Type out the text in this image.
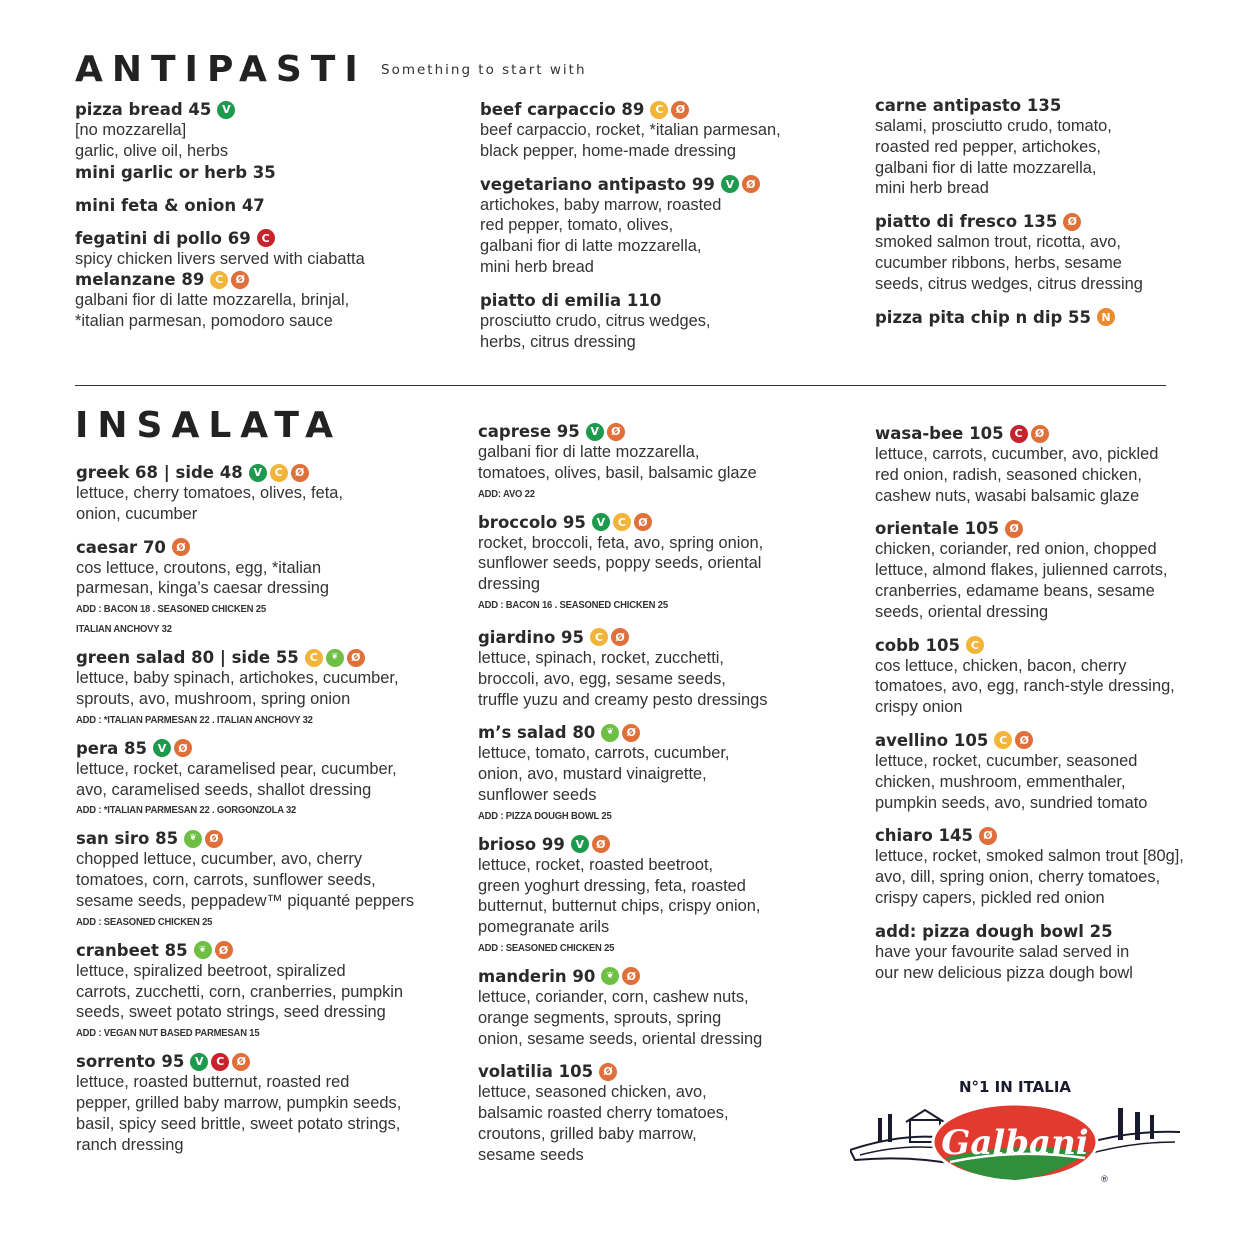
ANTIPASTI Something to start with
pizza bread 45 V
[no mozzarella]
garlic, olive oil, herbs
mini garlic or herb 35
mini feta & onion 47
fegatini di pollo 69 C
spicy chicken livers served with ciabatta
melanzane 89 C	Ø
galbani fior di latte mozzarella, brinjal,
*italian parmesan, pomodoro sauce
beef carpaccio 89 C	Ø
beef carpaccio, rocket, *italian parmesan,
black pepper, home-made dressing
vegetariano antipasto 99 V	Ø
artichokes, baby marrow, roasted
red pepper, tomato, olives,
galbani fior di latte mozzarella,
mini herb bread
piatto di emilia 110
prosciutto crudo, citrus wedges,
herbs, citrus dressing
carne antipasto 135
salami, prosciutto crudo, tomato,
roasted red pepper, artichokes,
galbani fior di latte mozzarella,
mini herb bread
piatto di fresco 135 Ø
smoked salmon trout, ricotta, avo,
cucumber ribbons, herbs, sesame
seeds, citrus wedges, citrus dressing
pizza pita chip n dip 55 N
INSALATA
greek 68 | side 48 V	C	Ø
lettuce, cherry tomatoes, olives, feta,
onion, cucumber
caesar 70 Ø
cos lettuce, croutons, egg, *italian
parmesan, kinga’s caesar dressing
ADD : BACON 18 . SEASONED CHICKEN 25
ITALIAN ANCHOVY 32
green salad 80 | side 55 C	❦	Ø
lettuce, baby spinach, artichokes, cucumber,
sprouts, avo, mushroom, spring onion
ADD : *ITALIAN PARMESAN 22 . ITALIAN ANCHOVY 32
pera 85 V	Ø
lettuce, rocket, caramelised pear, cucumber,
avo, caramelised seeds, shallot dressing
ADD : *ITALIAN PARMESAN 22 . GORGONZOLA 32
san siro 85	❦	Ø
chopped lettuce, cucumber, avo, cherry
tomatoes, corn, carrots, sunflower seeds,
sesame seeds, peppadew™ piquanté peppers
ADD : SEASONED CHICKEN 25
cranbeet 85	❦	Ø
lettuce, spiralized beetroot, spiralized
carrots, zucchetti, corn, cranberries, pumpkin
seeds, sweet potato strings, seed dressing
ADD : VEGAN NUT BASED PARMESAN 15
sorrento 95 V	C	Ø
lettuce, roasted butternut, roasted red
pepper, grilled baby marrow, pumpkin seeds,
basil, spicy seed brittle, sweet potato strings,
ranch dressing
caprese 95 V	Ø
galbani fior di latte mozzarella,
tomatoes, olives, basil, balsamic glaze
ADD: AVO 22
broccolo 95 V	C	Ø
rocket, broccoli, feta, avo, spring onion,
sunflower seeds, poppy seeds, oriental
dressing
ADD : BACON 16 . SEASONED CHICKEN 25
giardino 95 C	Ø
lettuce, spinach, rocket, zucchetti,
broccoli, avo, egg, sesame seeds,
truffle yuzu and creamy pesto dressings
m’s salad 80	❦	Ø
lettuce, tomato, carrots, cucumber,
onion, avo, mustard vinaigrette,
sunflower seeds
ADD : PIZZA DOUGH BOWL 25
brioso 99 V	Ø
lettuce, rocket, roasted beetroot,
green yoghurt dressing, feta, roasted
butternut, butternut chips, crispy onion,
pomegranate arils
ADD : SEASONED CHICKEN 25
manderin 90	❦	Ø
lettuce, coriander, corn, cashew nuts,
orange segments, sprouts, spring
onion, sesame seeds, oriental dressing
volatilia 105 Ø
lettuce, seasoned chicken, avo,
balsamic roasted cherry tomatoes,
croutons, grilled baby marrow,
sesame seeds
wasa-bee 105 C	Ø
lettuce, carrots, cucumber, avo, pickled
red onion, radish, seasoned chicken,
cashew nuts, wasabi balsamic glaze
orientale 105 Ø
chicken, coriander, red onion, chopped
lettuce, almond flakes, julienned carrots,
cranberries, edamame beans, sesame
seeds, oriental dressing
cobb 105 C
cos lettuce, chicken, bacon, cherry
tomatoes, avo, egg, ranch-style dressing,
crispy onion
avellino 105 C	Ø
lettuce, rocket, cucumber, seasoned
chicken, mushroom, emmenthaler,
pumpkin seeds, avo, sundried tomato
chiaro 145 Ø
lettuce, rocket, smoked salmon trout [80g],
avo, dill, spring onion, cherry tomatoes,
crispy capers, pickled red onion
add: pizza dough bowl 25
have your favourite salad served in
our new delicious pizza dough bowl
Galbani
N°1 IN ITALIA
®
